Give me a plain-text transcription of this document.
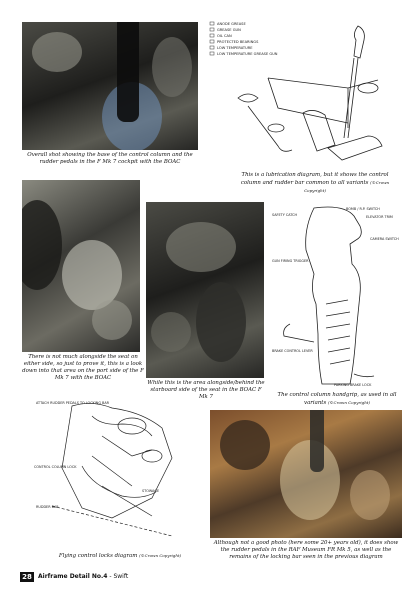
Overall shot showing the base of the control column and the rudder pedals in the F Mk 7 cockpit with the BOAC
ANODE GREASE
GREASE GUN
OIL CAN
PROTECTED BEARINGS
LOW TEMPERATURE
LOW TEMPERATURE GREASE GUN
This is a lubrication diagram, but it shows the control column and rudder bar common to all variants (©Crown Copyright)
There is not much alongside the seat on either side, so just to prove it, this is a look down into that area on the port side of the F Mk 7 with the BOAC
While this is the area alongside/behind the starboard side of the seat in the BOAC F Mk 7
SAFETY CATCH
BOMB / R.P. SWITCH
ELEVATOR TRIM
CAMERA SWITCH
GUN FIRING TRIGGER
BRAKE CONTROL LEVER
PARKING BRAKE LOCK
The control column handgrip, as used in all variants (©Crown Copyright)
ATTACH RUDDER PEDALS TO LOCKING BAR
RUDDER BAR
CONTROL COLUMN LOCK
STOWAGE
Flying control locks diagram (©Crown Copyright)
Although not a good photo (here some 20+ years old), it does show the rudder pedals in the RAF Museum FR Mk 5, as well as the remains of the locking bar seen in the previous diagram
28	Airframe Detail No.4 - Swift
